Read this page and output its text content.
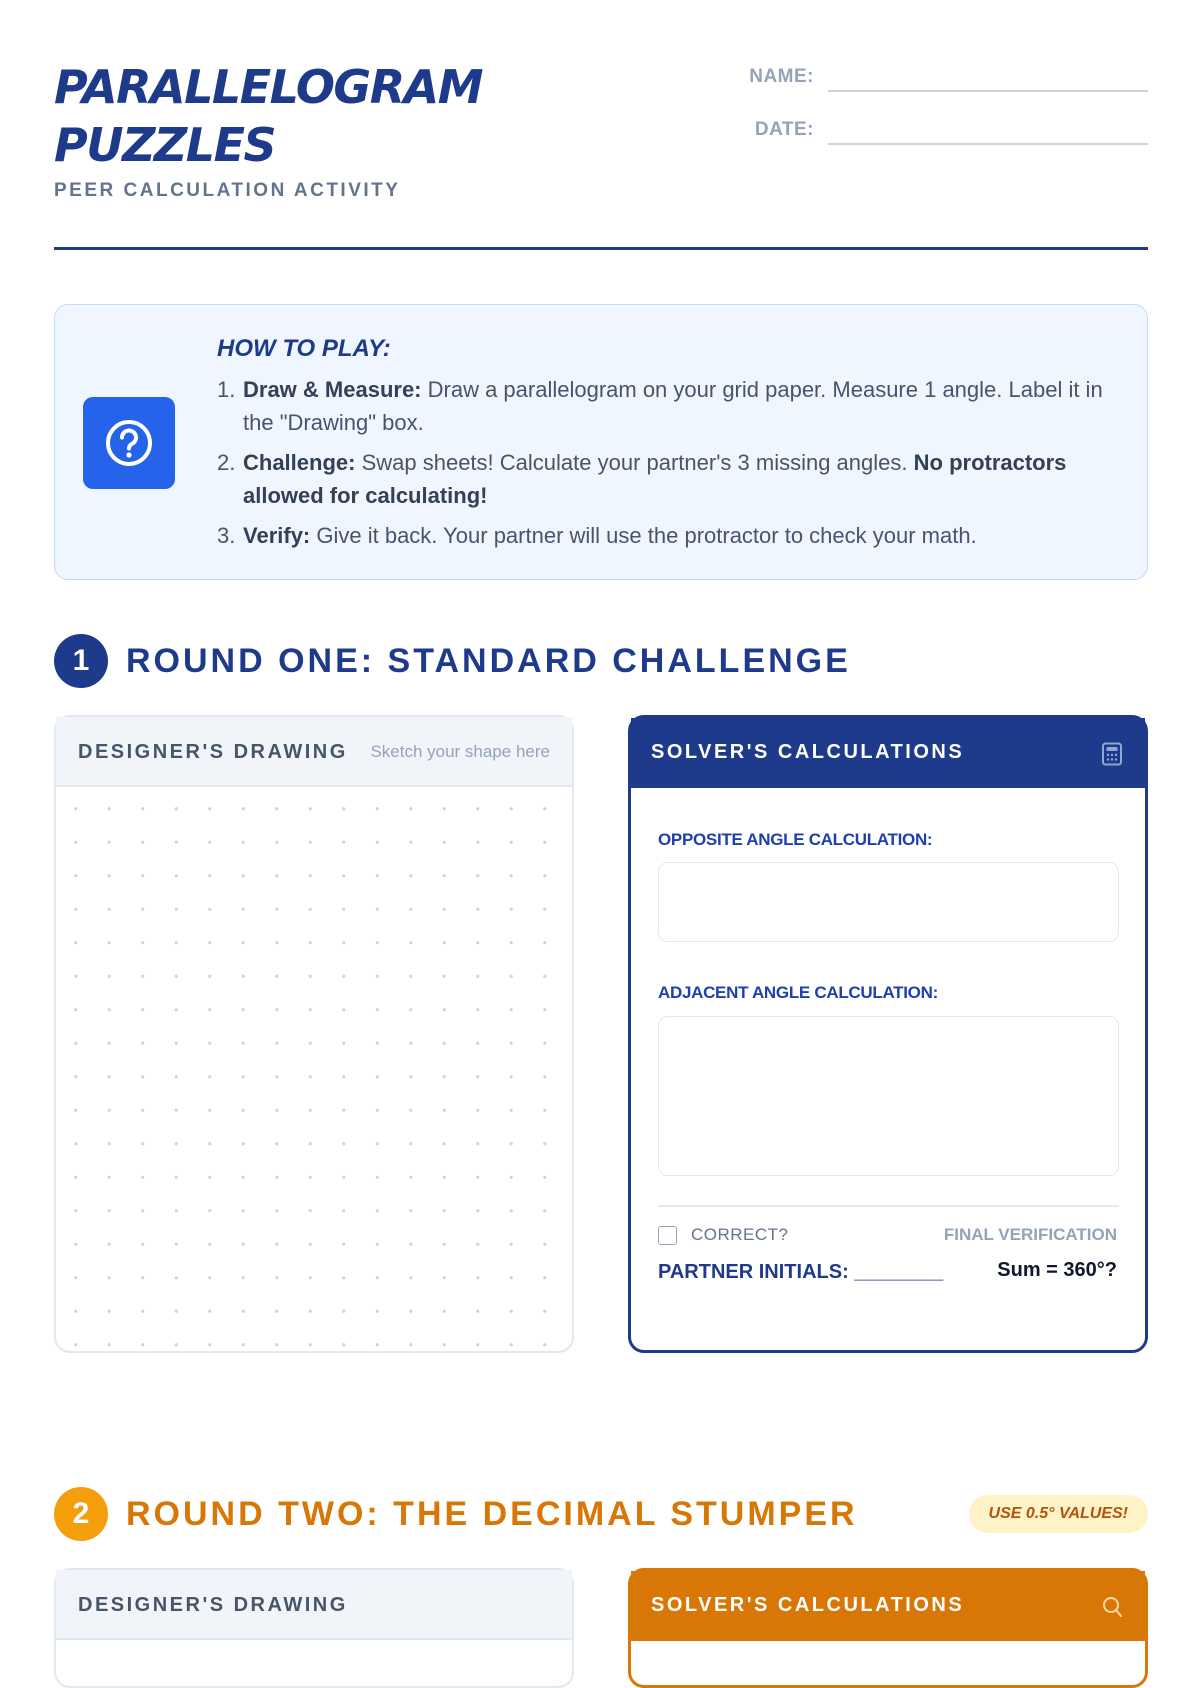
PARALLELOGRAM PUZZLES
PEER CALCULATION ACTIVITY
NAME:
DATE:
HOW TO PLAY:
1. Draw & Measure: Draw a parallelogram on your grid paper. Measure 1 angle. Label it in the "Drawing" box.
2. Challenge: Swap sheets! Calculate your partner's 3 missing angles. No protractors allowed for calculating!
3. Verify: Give it back. Your partner will use the protractor to check your math.
1	ROUND ONE: STANDARD CHALLENGE
DESIGNER'S DRAWING Sketch your shape here	SOLVER'S CALCULATIONS
OPPOSITE ANGLE CALCULATION:
ADJACENT ANGLE CALCULATION:
CORRECT?	FINAL VERIFICATION
PARTNER INITIALS: ________	Sum = 360°?
2	ROUND TWO: THE DECIMAL STUMPER	USE 0.5° VALUES!
DESIGNER'S DRAWING	SOLVER'S CALCULATIONS
